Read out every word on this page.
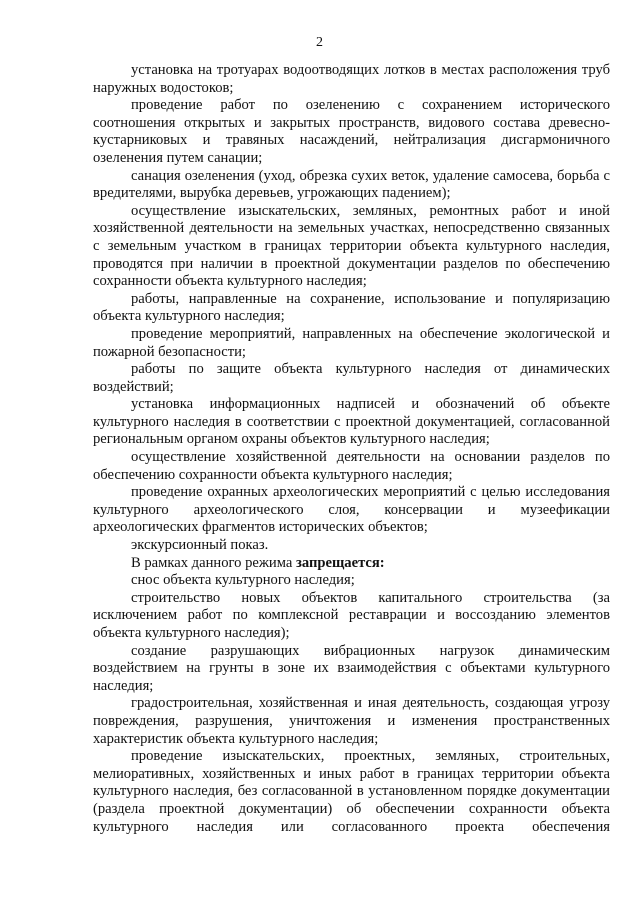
2

установка на тротуарах водоотводящих лотков в местах расположения труб наружных водостоков;

проведение работ по озеленению с сохранением исторического соотношения открытых и закрытых пространств, видового состава древесно-кустарниковых и травяных насаждений, нейтрализация дисгармоничного озеленения путем санации;

санация озеленения (уход, обрезка сухих веток, удаление самосева, борьба с вредителями, вырубка деревьев, угрожающих падением);

осуществление изыскательских, земляных, ремонтных работ и иной хозяйственной деятельности на земельных участках, непосредственно связанных с земельным участком в границах территории объекта культурного наследия, проводятся при наличии в проектной документации разделов по обеспечению сохранности объекта культурного наследия;

работы, направленные на сохранение, использование и популяризацию объекта культурного наследия;

проведение мероприятий, направленных на обеспечение экологической и пожарной безопасности;

работы по защите объекта культурного наследия от динамических воздействий;

установка информационных надписей и обозначений об объекте культурного наследия в соответствии с проектной документацией, согласованной региональным органом охраны объектов культурного наследия;

осуществление хозяйственной деятельности на основании разделов по обеспечению сохранности объекта культурного наследия;

проведение охранных археологических мероприятий с целью исследования культурного археологического слоя, консервации и музеефикации археологических фрагментов исторических объектов;

экскурсионный показ.

В рамках данного режима запрещается:

снос объекта культурного наследия;

строительство новых объектов капитального строительства (за исключением работ по комплексной реставрации и воссозданию элементов объекта культурного наследия);

создание разрушающих вибрационных нагрузок динамическим воздействием на грунты в зоне их взаимодействия с объектами культурного наследия;

градостроительная, хозяйственная и иная деятельность, создающая угрозу повреждения, разрушения, уничтожения и изменения пространственных характеристик объекта культурного наследия;

проведение изыскательских, проектных, земляных, строительных, мелиоративных, хозяйственных и иных работ в границах территории объекта культурного наследия, без согласованной в установленном порядке документации (раздела проектной документации) об обеспечении сохранности объекта культурного наследия или согласованного проекта обеспечения
